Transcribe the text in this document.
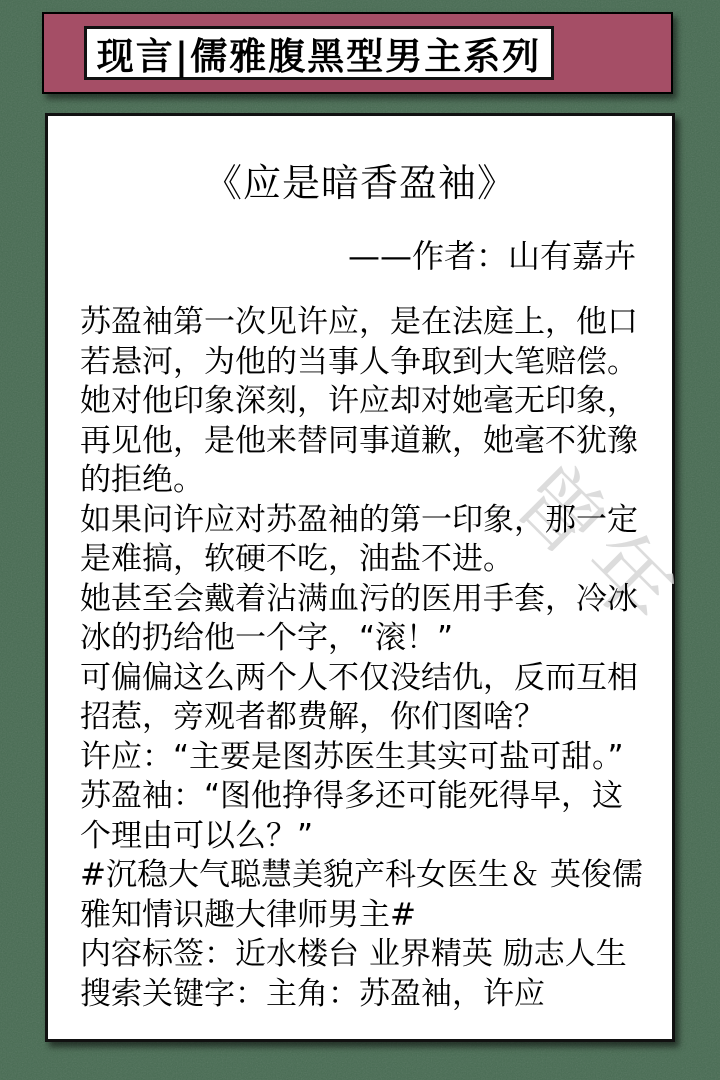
现言|儒雅腹黑型男主系列
曾年
《应是暗香盈袖》
——作者：山有嘉卉
苏盈袖第一次见许应，是在法庭上，他口
若悬河，为他的当事人争取到大笔赔偿。
她对他印象深刻，许应却对她毫无印象，
再见他，是他来替同事道歉，她毫不犹豫
的拒绝。
如果问许应对苏盈袖的第一印象，那一定
是难搞，软硬不吃，油盐不进。
她甚至会戴着沾满血污的医用手套，冷冰
冰的扔给他一个字，“滚！”
可偏偏这么两个人不仅没结仇，反而互相
招惹，旁观者都费解，你们图啥？
许应：“主要是图苏医生其实可盐可甜。”
苏盈袖：“图他挣得多还可能死得早，这
个理由可以么？”
#沉稳大气聪慧美貌产科女医生＆ 英俊儒
雅知情识趣大律师男主#
内容标签：近水楼台 业界精英 励志人生
搜索关键字：主角：苏盈袖，许应
